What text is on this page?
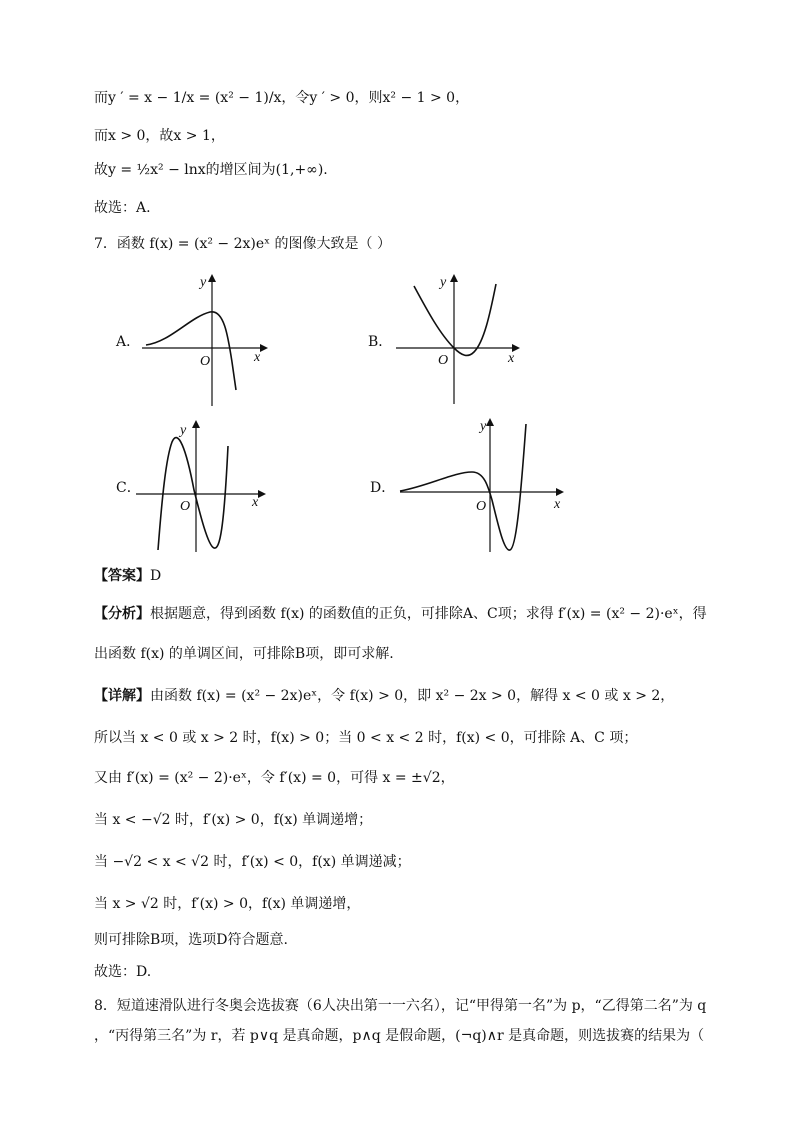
而y ′ = x − 1/x = (x² − 1)/x，令y ′ > 0，则x² − 1 > 0，
而x > 0，故x > 1，
故y = ½x² − lnx的增区间为(1,+∞).
故选：A.
7．函数 f(x) = (x² − 2x)eˣ 的图像大致是（ ）
A．
y
x
O
B．
y
x
O
C．
y
x
O
D．
y
x
O
【答案】D
【分析】根据题意，得到函数 f(x) 的函数值的正负，可排除A、C项；求得 f′(x) = (x² − 2)·eˣ，得
出函数 f(x) 的单调区间，可排除B项，即可求解.
【详解】由函数 f(x) = (x² − 2x)eˣ，令 f(x) > 0，即 x² − 2x > 0，解得 x < 0 或 x > 2，
所以当 x < 0 或 x > 2 时，f(x) > 0；当 0 < x < 2 时，f(x) < 0，可排除 A、C 项；
又由 f′(x) = (x² − 2)·eˣ，令 f′(x) = 0，可得 x = ±√2，
当 x < −√2 时，f′(x) > 0，f(x) 单调递增；
当 −√2 < x < √2 时，f′(x) < 0，f(x) 单调递减；
当 x > √2 时，f′(x) > 0，f(x) 单调递增，
则可排除B项，选项D符合题意.
故选：D.
8．短道速滑队进行冬奥会选拔赛（6人决出第一一六名），记“甲得第一名”为 p，“乙得第二名”为 q
，“丙得第三名”为 r，若 p∨q 是真命题，p∧q 是假命题，(¬q)∧r 是真命题，则选拔赛的结果为（
